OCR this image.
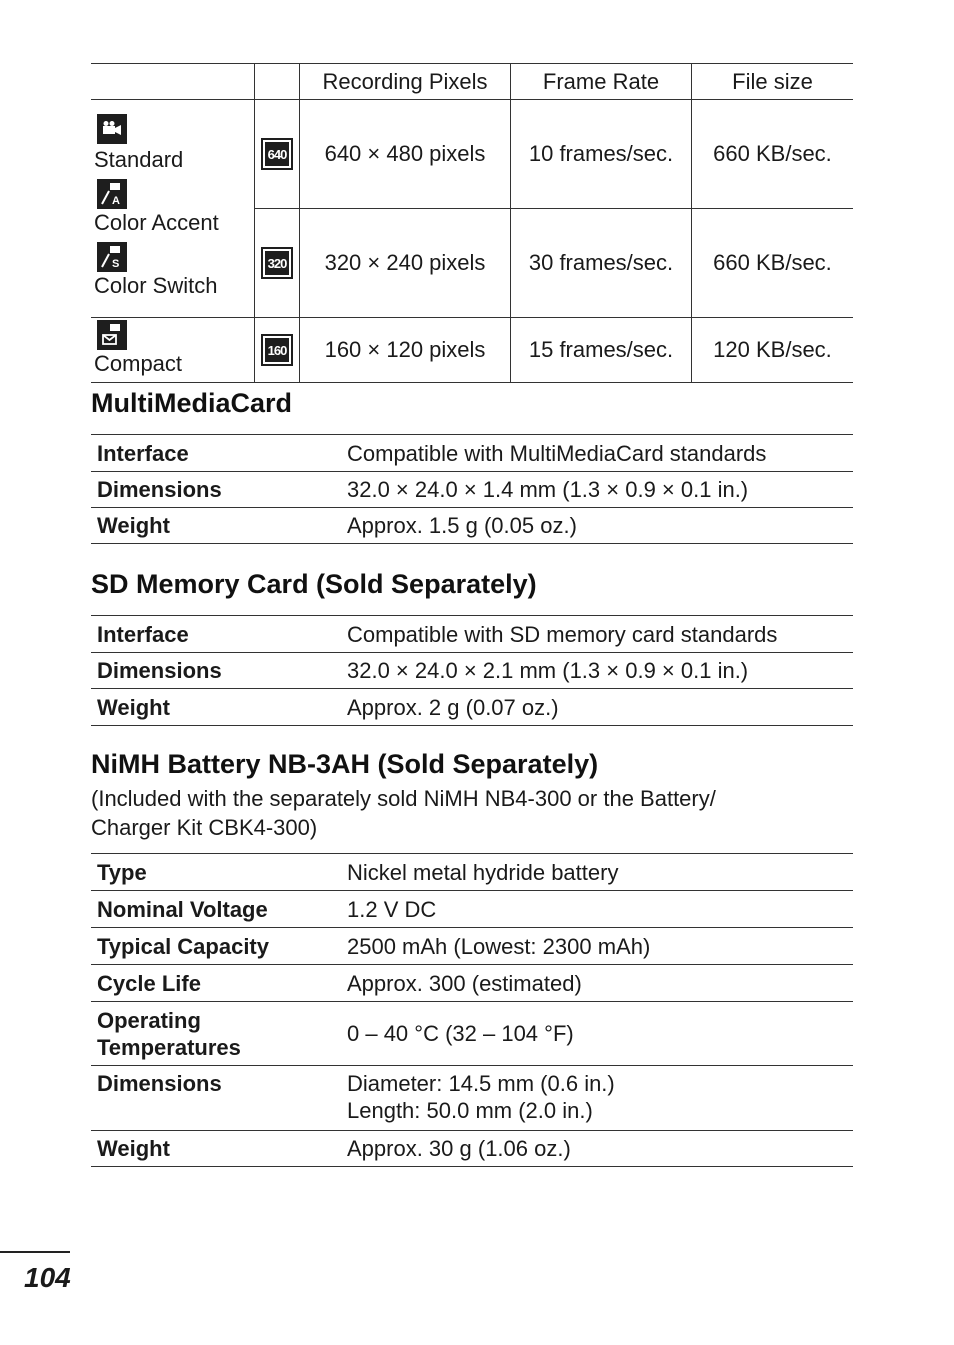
		Recording Pixels	Frame Rate	File size

Standard
A
Color Accent
S
Color Switch	640	640 × 480 pixels	10 frames/sec.	660 KB/sec.
	320	320 × 240 pixels	30 frames/sec.	660 KB/sec.

Compact	160	160 × 120 pixels	15 frames/sec.	120 KB/sec.
MultiMediaCard
Interface	Compatible with MultiMediaCard standards
Dimensions	32.0 × 24.0 × 1.4 mm (1.3 × 0.9 × 0.1 in.)
Weight	Approx. 1.5 g (0.05 oz.)
SD Memory Card (Sold Separately)
Interface	Compatible with SD memory card standards
Dimensions	32.0 × 24.0 × 2.1 mm (1.3 × 0.9 × 0.1 in.)
Weight	Approx. 2 g (0.07 oz.)
NiMH Battery NB-3AH (Sold Separately)

(Included with the separately sold NiMH NB4-300 or the Battery/
Charger Kit CBK4-300)

Type	Nickel metal hydride battery
Nominal Voltage	1.2 V DC
Typical Capacity	2500 mAh (Lowest: 2300 mAh)
Cycle Life	Approx. 300 (estimated)
Operating
Temperatures	0 – 40 °C (32 – 104 °F)
Dimensions	Diameter: 14.5 mm (0.6 in.)
Length: 50.0 mm (2.0 in.)
Weight	Approx. 30 g (1.06 oz.)

104
